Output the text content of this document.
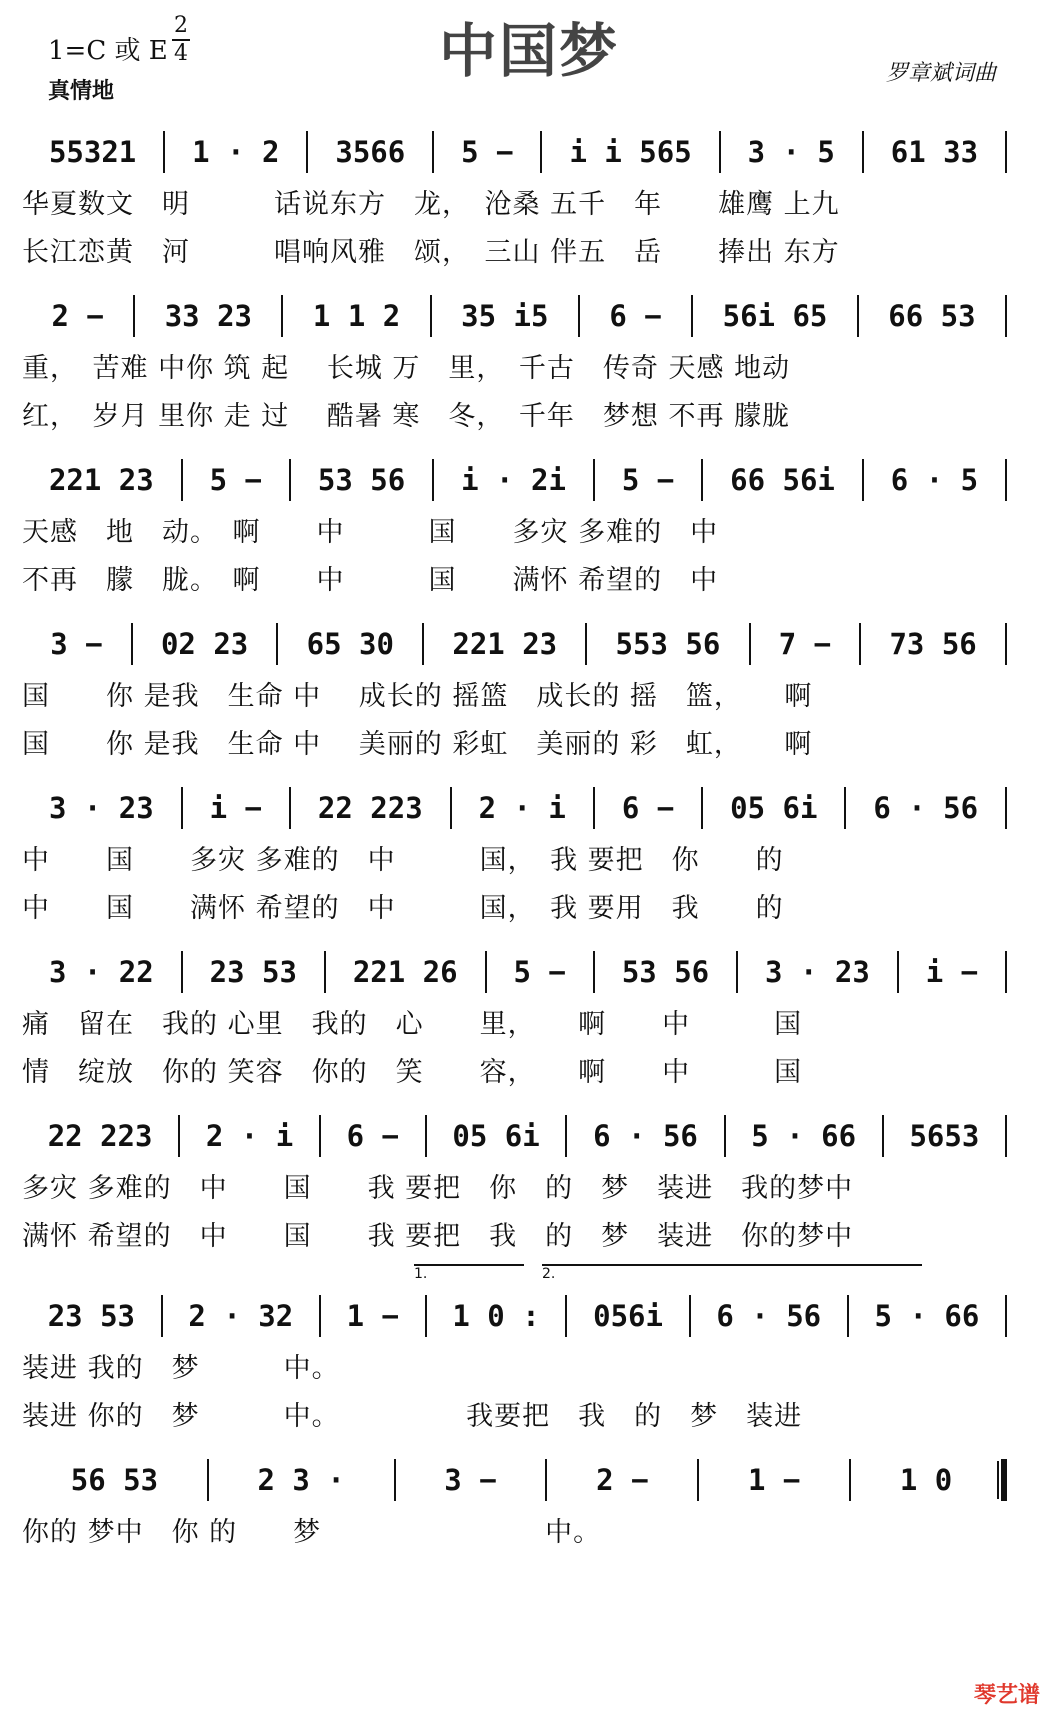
1=C 或 E
2
4
真情地
中国梦	罗章斌词曲
55321	1 · 2	3566	5 −	i i 565	3 · 5	61 33
华夏数文　明　　　话说东方　龙，　沧桑 五千　年　　雄鹰 上九
长江恋黄　河　　　唱响风雅　颂，　三山 伴五　岳　　捧出 东方
2 −	33 23	1 1 2	35 i5	6 −	56i 65	66 53
重，　苦难 中你 筑 起　 长城 万　里，　千古　传奇 天感 地动
红，　岁月 里你 走 过　 酷暑 寒　冬，　千年　梦想 不再 朦胧
221 23	5 −	53 56	i · 2i	5 −	66 56i	6 · 5
天感　地　动。　啊　　中　　　国　　多灾 多难的　中
不再　朦　胧。　啊　　中　　　国　　满怀 希望的　中
3 −	02 23	65 30	221 23	553 56	7 −	73 56
国　　你 是我　生命 中　 成长的 摇篮　成长的 摇　篮，　　啊
国　　你 是我　生命 中　 美丽的 彩虹　美丽的 彩　虹，　　啊
3 · 23	i −	22 223	2 · i	6 −	05 6i	6 · 56
中　　国　　多灾 多难的　中　　　国，　我 要把　你　　的
中　　国　　满怀 希望的　中　　　国，　我 要用　我　　的
3 · 22	23 53	221 26	5 −	53 56	3 · 23	i −
痛　留在　我的 心里　我的　心　　里，　　啊　　中　　　国
情　绽放　你的 笑容　你的　笑　　容，　　啊　　中　　　国
22 223	2 · i	6 −	05 6i	6 · 56	5 · 66	5653
多灾 多难的　中　　国　　我 要把　你　的　梦　装进　我的梦中
满怀 希望的　中　　国　　我 要把　我　的　梦　装进　你的梦中
23 53	2 · 32	1 −	1 0 :	056i	6 · 56	5 · 66
1.	2.
装进 我的　梦　　　中。
装进 你的　梦　　　中。　　　　　我要把　我　的　梦　装进
56 53	2 3 ·	3 −	2 −	1 −	1 0
你的 梦中　你 的　　梦　　　　　　　　中。
琴艺谱
